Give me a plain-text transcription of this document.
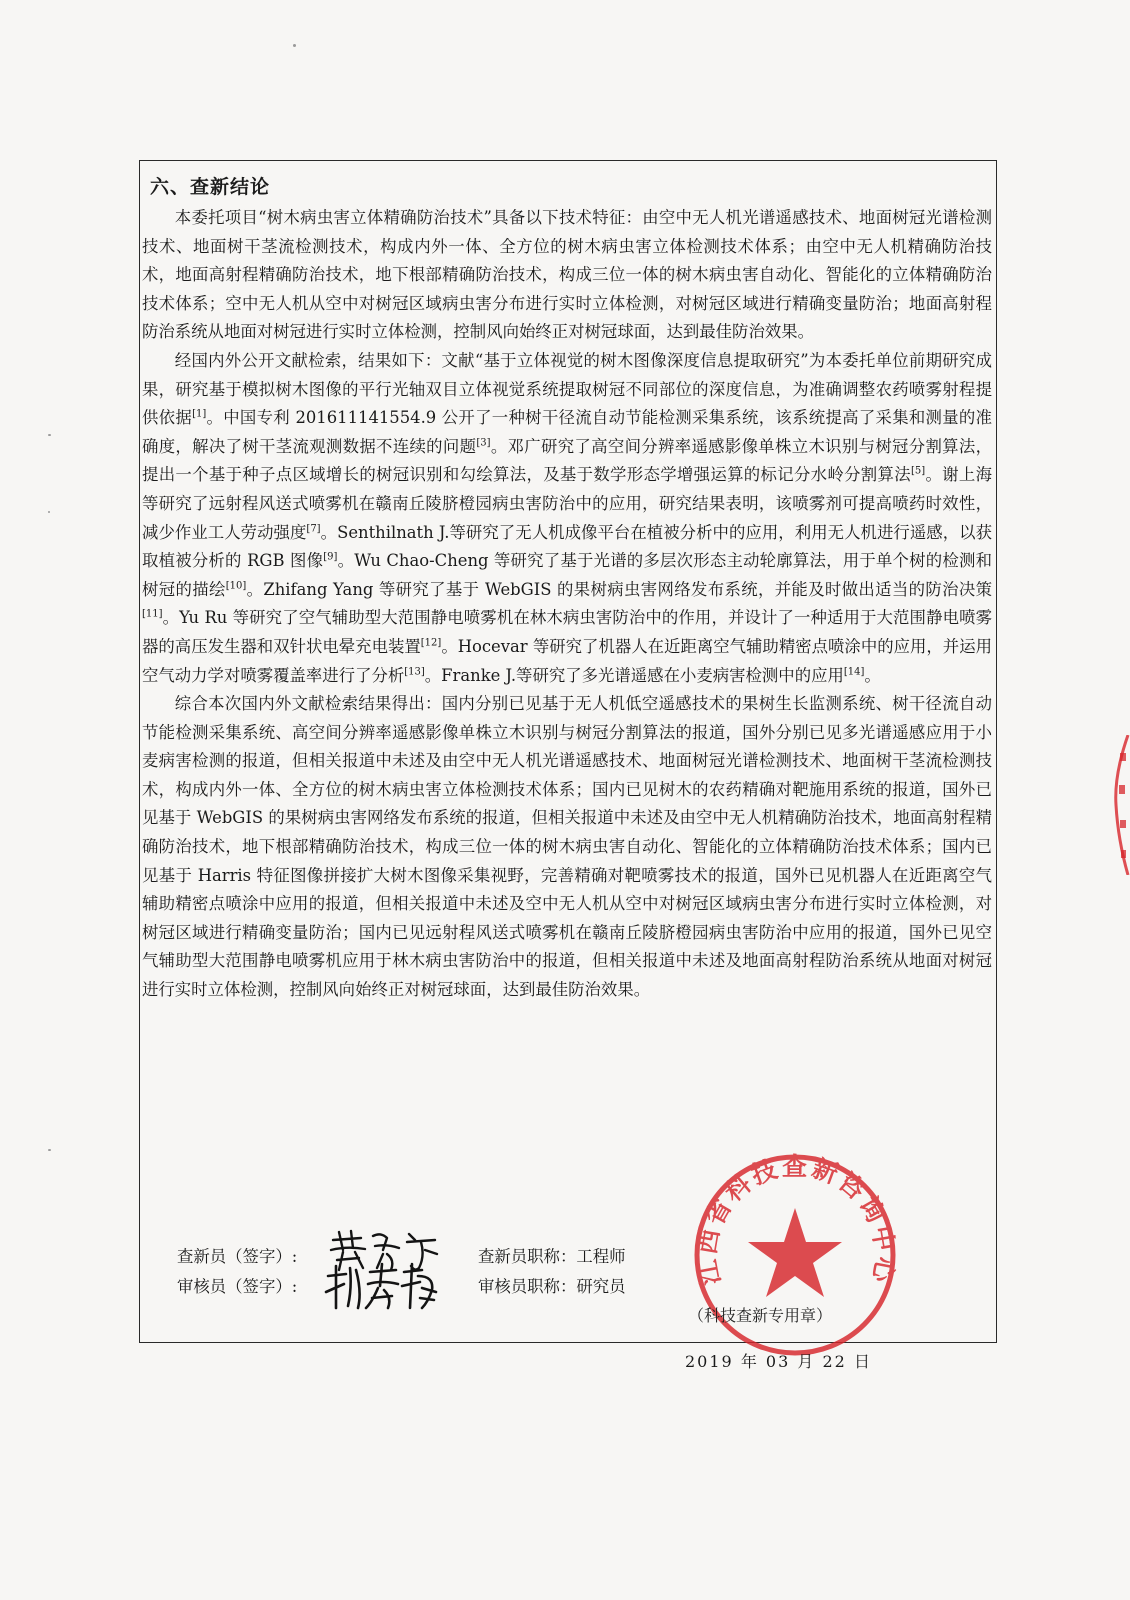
六、查新结论

本委托项目“树木病虫害立体精确防治技术”具备以下技术特征：由空中无人机光谱遥感技术、地面树冠光谱检测技术、地面树干茎流检测技术，构成内外一体、全方位的树木病虫害立体检测技术体系；由空中无人机精确防治技术，地面高射程精确防治技术，地下根部精确防治技术，构成三位一体的树木病虫害自动化、智能化的立体精确防治技术体系；空中无人机从空中对树冠区域病虫害分布进行实时立体检测，对树冠区域进行精确变量防治；地面高射程防治系统从地面对树冠进行实时立体检测，控制风向始终正对树冠球面，达到最佳防治效果。

经国内外公开文献检索，结果如下：文献“基于立体视觉的树木图像深度信息提取研究”为本委托单位前期研究成果，研究基于模拟树木图像的平行光轴双目立体视觉系统提取树冠不同部位的深度信息，为准确调整农药喷雾射程提供依据[1]。中国专利 201611141554.9 公开了一种树干径流自动节能检测采集系统，该系统提高了采集和测量的准确度，解决了树干茎流观测数据不连续的问题[3]。邓广研究了高空间分辨率遥感影像单株立木识别与树冠分割算法，提出一个基于种子点区域增长的树冠识别和勾绘算法，及基于数学形态学增强运算的标记分水岭分割算法[5]。谢上海等研究了远射程风送式喷雾机在赣南丘陵脐橙园病虫害防治中的应用，研究结果表明，该喷雾剂可提高喷药时效性，减少作业工人劳动强度[7]。Senthilnath J.等研究了无人机成像平台在植被分析中的应用，利用无人机进行遥感，以获取植被分析的 RGB 图像[9]。Wu Chao-Cheng 等研究了基于光谱的多层次形态主动轮廓算法，用于单个树的检测和树冠的描绘[10]。Zhifang Yang 等研究了基于 WebGIS 的果树病虫害网络发布系统，并能及时做出适当的防治决策[11]。Yu Ru 等研究了空气辅助型大范围静电喷雾机在林木病虫害防治中的作用，并设计了一种适用于大范围静电喷雾器的高压发生器和双针状电晕充电装置[12]。Hocevar 等研究了机器人在近距离空气辅助精密点喷涂中的应用，并运用空气动力学对喷雾覆盖率进行了分析[13]。Franke J.等研究了多光谱遥感在小麦病害检测中的应用[14]。

综合本次国内外文献检索结果得出：国内分别已见基于无人机低空遥感技术的果树生长监测系统、树干径流自动节能检测采集系统、高空间分辨率遥感影像单株立木识别与树冠分割算法的报道，国外分别已见多光谱遥感应用于小麦病害检测的报道，但相关报道中未述及由空中无人机光谱遥感技术、地面树冠光谱检测技术、地面树干茎流检测技术，构成内外一体、全方位的树木病虫害立体检测技术体系；国内已见树木的农药精确对靶施用系统的报道，国外已见基于 WebGIS 的果树病虫害网络发布系统的报道，但相关报道中未述及由空中无人机精确防治技术，地面高射程精确防治技术，地下根部精确防治技术，构成三位一体的树木病虫害自动化、智能化的立体精确防治技术体系；国内已见基于 Harris 特征图像拼接扩大树木图像采集视野，完善精确对靶喷雾技术的报道，国外已见机器人在近距离空气辅助精密点喷涂中应用的报道，但相关报道中未述及空中无人机从空中对树冠区域病虫害分布进行实时立体检测，对树冠区域进行精确变量防治；国内已见远射程风送式喷雾机在赣南丘陵脐橙园病虫害防治中应用的报道，国外已见空气辅助型大范围静电喷雾机应用于林木病虫害防治中的报道，但相关报道中未述及地面高射程防治系统从地面对树冠进行实时立体检测，控制风向始终正对树冠球面，达到最佳防治效果。

查新员（签字）:
审核员（签字）:
查新员职称：工程师
审核员职称：研究员	江西省科技查新咨询中心
（科技查新专用章）
2019 年 03 月 22 日
